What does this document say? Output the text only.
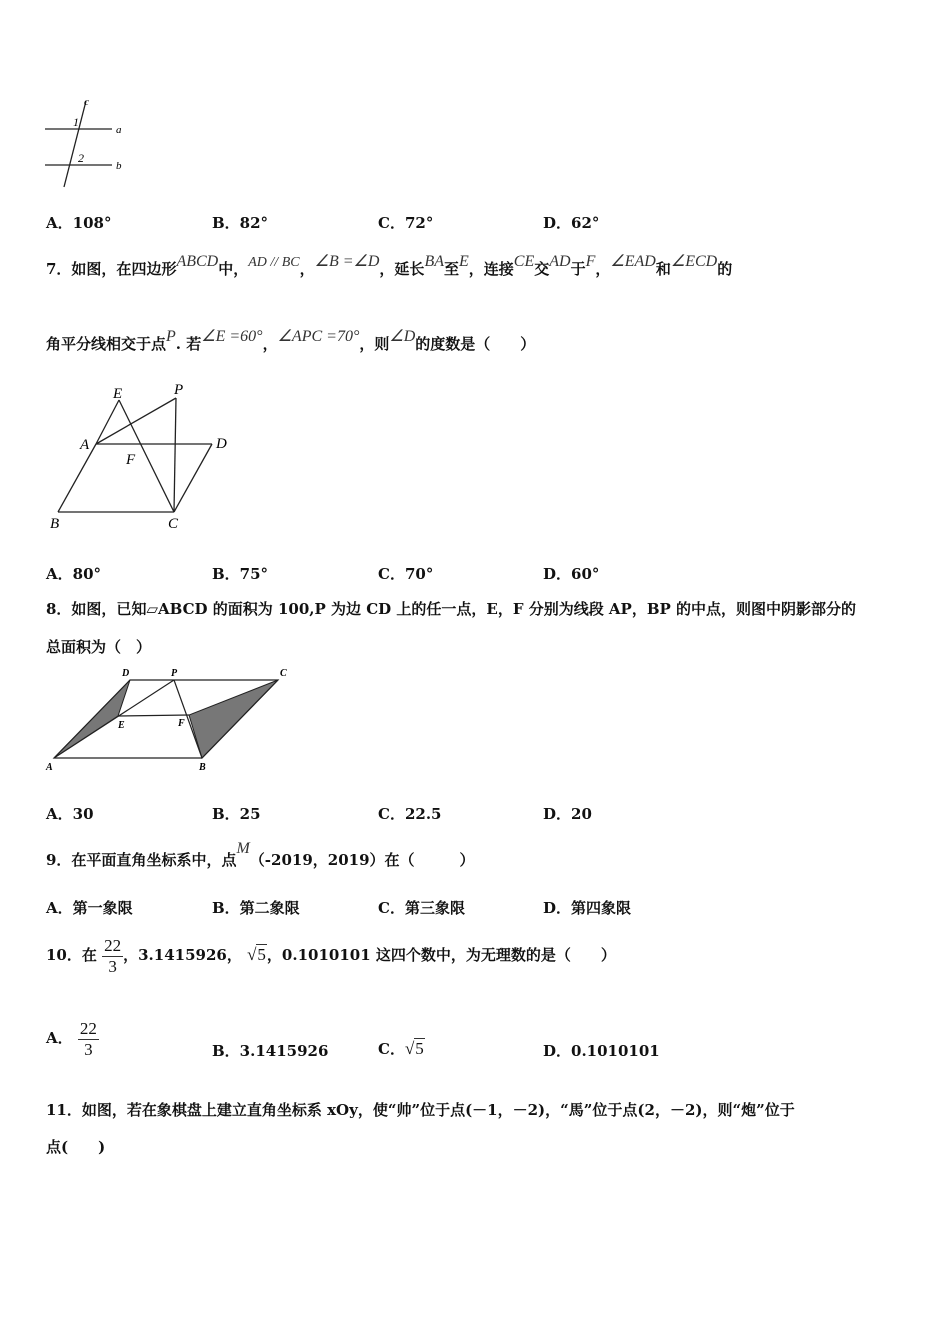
c
a
b
1
2
A．108°	B．82°	C．72°	D．62°
7．如图，在四边形ABCD中，AD // BC，∠B =∠D，延长BA至E，连接CE交AD于F，∠EAD和∠ECD的
角平分线相交于点P. 若∠E =60°，∠APC =70°，则∠D的度数是（　　）
E	P
A	D
F
B	C
A．80°	B．75°	C．70°	D．60°
8．如图，已知▱ABCD 的面积为 100,P 为边 CD 上的任一点，E，F 分别为线段 AP，BP 的中点，则图中阴影部分的
总面积为（　）
D	P	C
E	F
A	B
A．30	B．25	C．22.5	D．20
9．在平面直角坐标系中，点M（-2019，2019）在（　　　）
A．第一象限	B．第二象限	C．第三象限	D．第四象限
10．在 $\frac{22}{3}$ ，3.1415926， √5，0.1010101 这四个数中，为无理数的是（　　）
A． $\frac{22}{3}$	B．3.1415926	C．√5	D．0.1010101
11．如图，若在象棋盘上建立直角坐标系 xOy，使“帅”位于点(－1，－2)，“馬”位于点(2，－2)，则“炮”位于
点(　　)
